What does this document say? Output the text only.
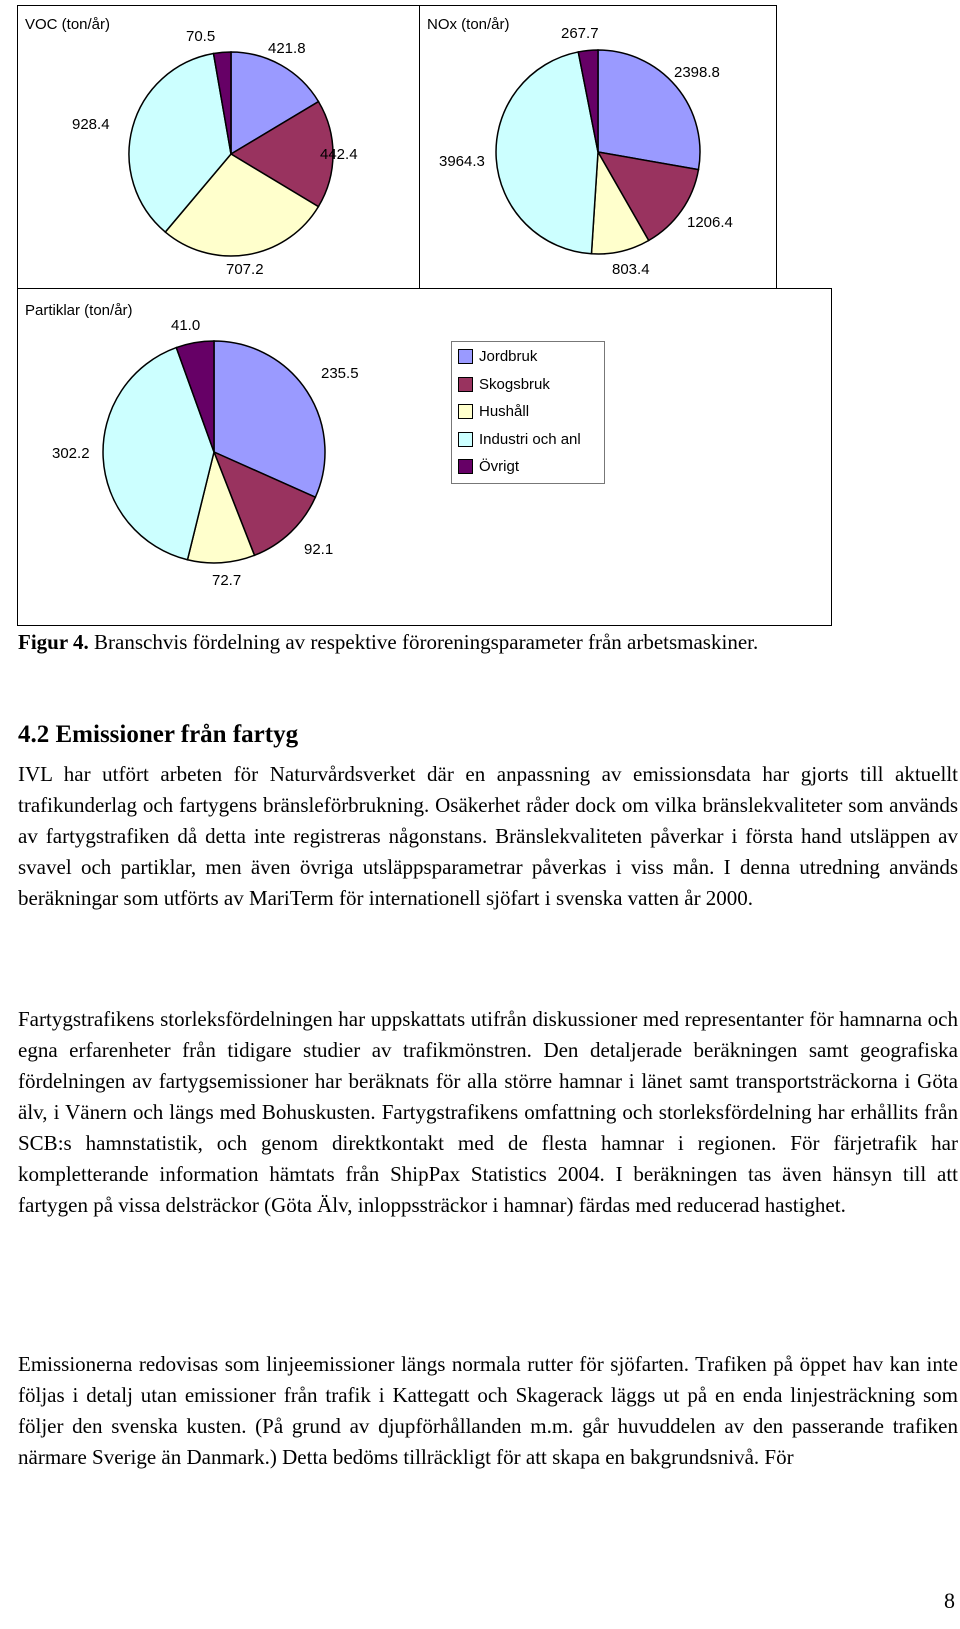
VOC (ton/år)
421.8
442.4
707.2
928.4
70.5
NOx (ton/år)
2398.8
1206.4
803.4
3964.3
267.7
Partiklar (ton/år)
235.5
92.1
72.7
302.2
41.0
Jordbruk
Skogsbruk
Hushåll
Industri och anl
Övrigt
Figur 4. Branschvis fördelning av respektive föroreningsparameter från arbetsmaskiner.
4.2 Emissioner från fartyg
IVL har utfört arbeten för Naturvårdsverket där en anpassning av emissionsdata har gjorts till aktuellt trafikunderlag och fartygens bränsleförbrukning. Osäkerhet råder dock om vilka bränslekvaliteter som används av fartygstrafiken då detta inte registreras någonstans. Bränslekvaliteten påverkar i första hand utsläppen av svavel och partiklar, men även övriga utsläppsparametrar påverkas i viss mån. I denna utredning används beräkningar som utförts av MariTerm för internationell sjöfart i svenska vatten år 2000.
Fartygstrafikens storleksfördelningen har uppskattats utifrån diskussioner med representanter för hamnarna och egna erfarenheter från tidigare studier av trafikmönstren. Den detaljerade beräkningen samt geografiska fördelningen av fartygsemissioner har beräknats för alla större hamnar i länet samt transportsträckorna i Göta älv, i Vänern och längs med Bohuskusten. Fartygstrafikens omfattning och storleksfördelning har erhållits från SCB:s hamnstatistik, och genom direktkontakt med de flesta hamnar i regionen. För färjetrafik har kompletterande information hämtats från ShipPax Statistics 2004. I beräkningen tas även hänsyn till att fartygen på vissa delsträckor (Göta Älv, inloppssträckor i hamnar) färdas med reducerad hastighet.
Emissionerna redovisas som linjeemissioner längs normala rutter för sjöfarten. Trafiken på öppet hav kan inte följas i detalj utan emissioner från trafik i Kattegatt och Skagerack läggs ut på en enda linjesträckning som följer den svenska kusten. (På grund av djupförhållanden m.m. går huvuddelen av den passerande trafiken närmare Sverige än Danmark.) Detta bedöms tillräckligt för att skapa en bakgrundsnivå. För
8
